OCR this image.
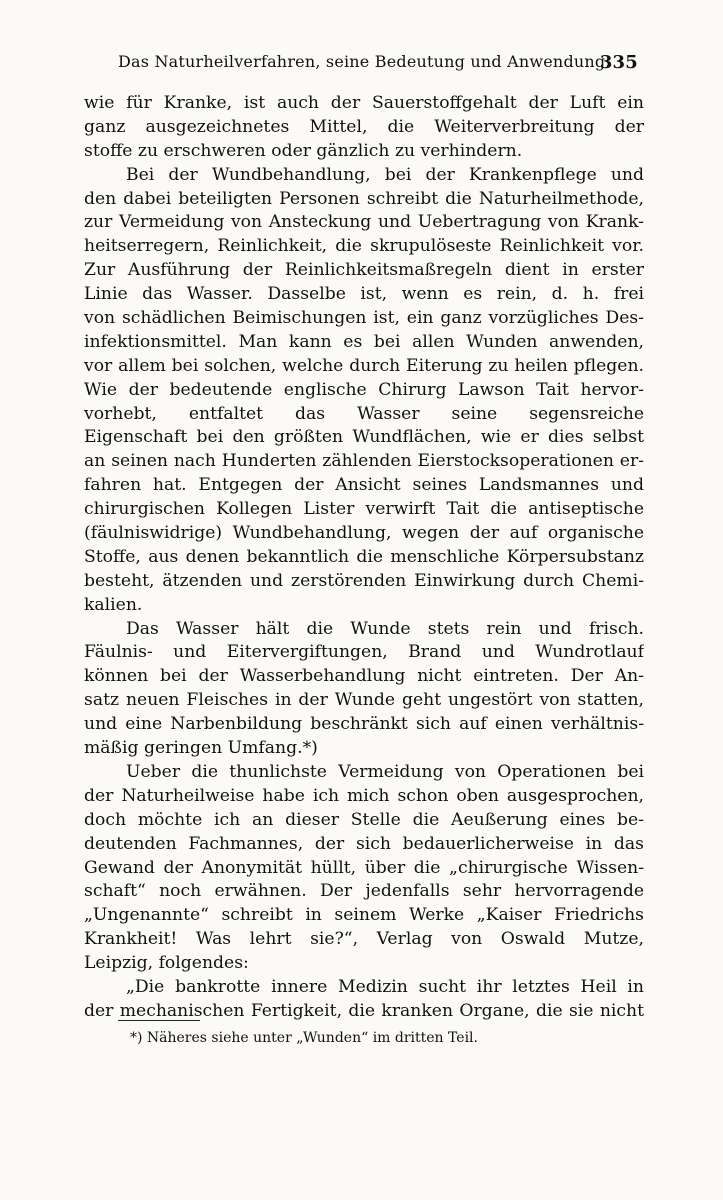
Das Naturheilverfahren, seine Bedeutung und Anwendung.
335
wie für Kranke, ist auch der Sauerstoffgehalt der Luft ein
ganz ausgezeichnetes Mittel, die Weiterverbreitung der
stoffe zu erschweren oder gänzlich zu verhindern.
Bei der Wundbehandlung, bei der Krankenpflege und
den dabei beteiligten Personen schreibt die Naturheilmethode,
zur Vermeidung von Ansteckung und Uebertragung von Krank-
heitserregern, Reinlichkeit, die skrupulöseste Reinlichkeit vor.
Zur Ausführung der Reinlichkeitsmaßregeln dient in erster
Linie das Wasser. Dasselbe ist, wenn es rein, d. h. frei
von schädlichen Beimischungen ist, ein ganz vorzügliches Des-
infektionsmittel. Man kann es bei allen Wunden anwenden,
vor allem bei solchen, welche durch Eiterung zu heilen pflegen.
Wie der bedeutende englische Chirurg Lawson Tait hervor-
vorhebt, entfaltet das Wasser seine segensreiche
Eigenschaft bei den größten Wundflächen, wie er dies selbst
an seinen nach Hunderten zählenden Eierstocksoperationen er-
fahren hat. Entgegen der Ansicht seines Landsmannes und
chirurgischen Kollegen Lister verwirft Tait die antiseptische
(fäulniswidrige) Wundbehandlung, wegen der auf organische
Stoffe, aus denen bekanntlich die menschliche Körpersubstanz
besteht, ätzenden und zerstörenden Einwirkung durch Chemi-
kalien.
Das Wasser hält die Wunde stets rein und frisch.
Fäulnis- und Eitervergiftungen, Brand und Wundrotlauf
können bei der Wasserbehandlung nicht eintreten. Der An-
satz neuen Fleisches in der Wunde geht ungestört von statten,
und eine Narbenbildung beschränkt sich auf einen verhältnis-
mäßig geringen Umfang.*)
Ueber die thunlichste Vermeidung von Operationen bei
der Naturheilweise habe ich mich schon oben ausgesprochen,
doch möchte ich an dieser Stelle die Aeußerung eines be-
deutenden Fachmannes, der sich bedauerlicherweise in das
Gewand der Anonymität hüllt, über die „chirurgische Wissen-
schaft“ noch erwähnen. Der jedenfalls sehr hervorragende
„Ungenannte“ schreibt in seinem Werke „Kaiser Friedrichs
Krankheit! Was lehrt sie?“, Verlag von Oswald Mutze,
Leipzig, folgendes:
„Die bankrotte innere Medizin sucht ihr letztes Heil in
der mechanischen Fertigkeit, die kranken Organe, die sie nicht
*) Näheres siehe unter „Wunden“ im dritten Teil.
